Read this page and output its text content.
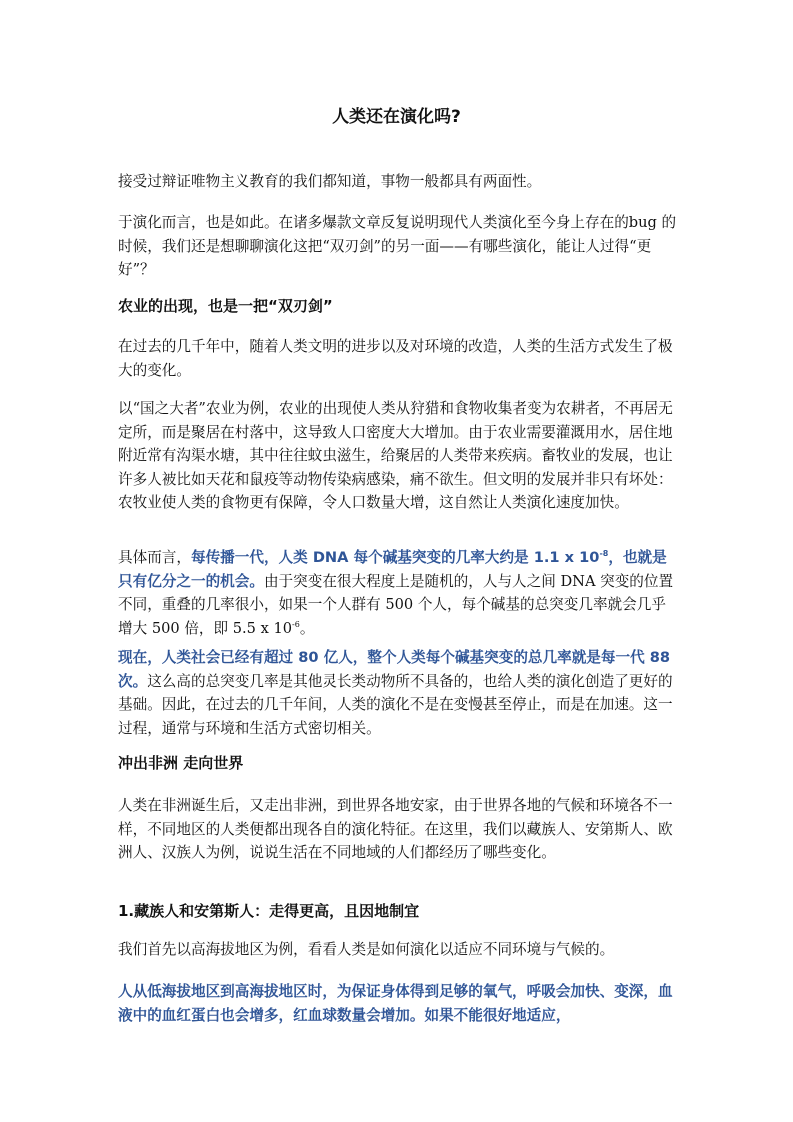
人类还在演化吗?

接受过辩证唯物主义教育的我们都知道，事物一般都具有两面性。

于演化而言，也是如此。在诸多爆款文章反复说明现代人类演化至今身上存在的bug 的时候，我们还是想聊聊演化这把“双刃剑”的另一面——有哪些演化，能让人过得“更好”？

农业的出现，也是一把“双刃剑”

在过去的几千年中，随着人类文明的进步以及对环境的改造，人类的生活方式发生了极大的变化。

以“国之大者”农业为例，农业的出现使人类从狩猎和食物收集者变为农耕者，不再居无定所，而是聚居在村落中，这导致人口密度大大增加。由于农业需要灌溉用水，居住地附近常有沟渠水塘，其中往往蚊虫滋生，给聚居的人类带来疾病。畜牧业的发展，也让许多人被比如天花和鼠疫等动物传染病感染，痛不欲生。但文明的发展并非只有坏处：农牧业使人类的食物更有保障，令人口数量大增，这自然让人类演化速度加快。

具体而言，每传播一代，人类 DNA 每个碱基突变的几率大约是 1.1 x $10^{-8}$，也就是只有亿分之一的机会。由于突变在很大程度上是随机的，人与人之间 DNA 突变的位置不同，重叠的几率很小，如果一个人群有 500 个人，每个碱基的总突变几率就会几乎增大 500 倍，即 5.5 x $10^{-6}$。

现在，人类社会已经有超过 80 亿人，整个人类每个碱基突变的总几率就是每一代 88 次。这么高的总突变几率是其他灵长类动物所不具备的，也给人类的演化创造了更好的基础。因此，在过去的几千年间，人类的演化不是在变慢甚至停止，而是在加速。这一过程，通常与环境和生活方式密切相关。

冲出非洲 走向世界

人类在非洲诞生后，又走出非洲，到世界各地安家，由于世界各地的气候和环境各不一样，不同地区的人类便都出现各自的演化特征。在这里，我们以藏族人、安第斯人、欧洲人、汉族人为例，说说生活在不同地域的人们都经历了哪些变化。

1.藏族人和安第斯人：走得更高，且因地制宜

我们首先以高海拔地区为例，看看人类是如何演化以适应不同环境与气候的。

人从低海拔地区到高海拔地区时，为保证身体得到足够的氧气，呼吸会加快、变深，血液中的血红蛋白也会增多，红血球数量会增加。如果不能很好地适应，
